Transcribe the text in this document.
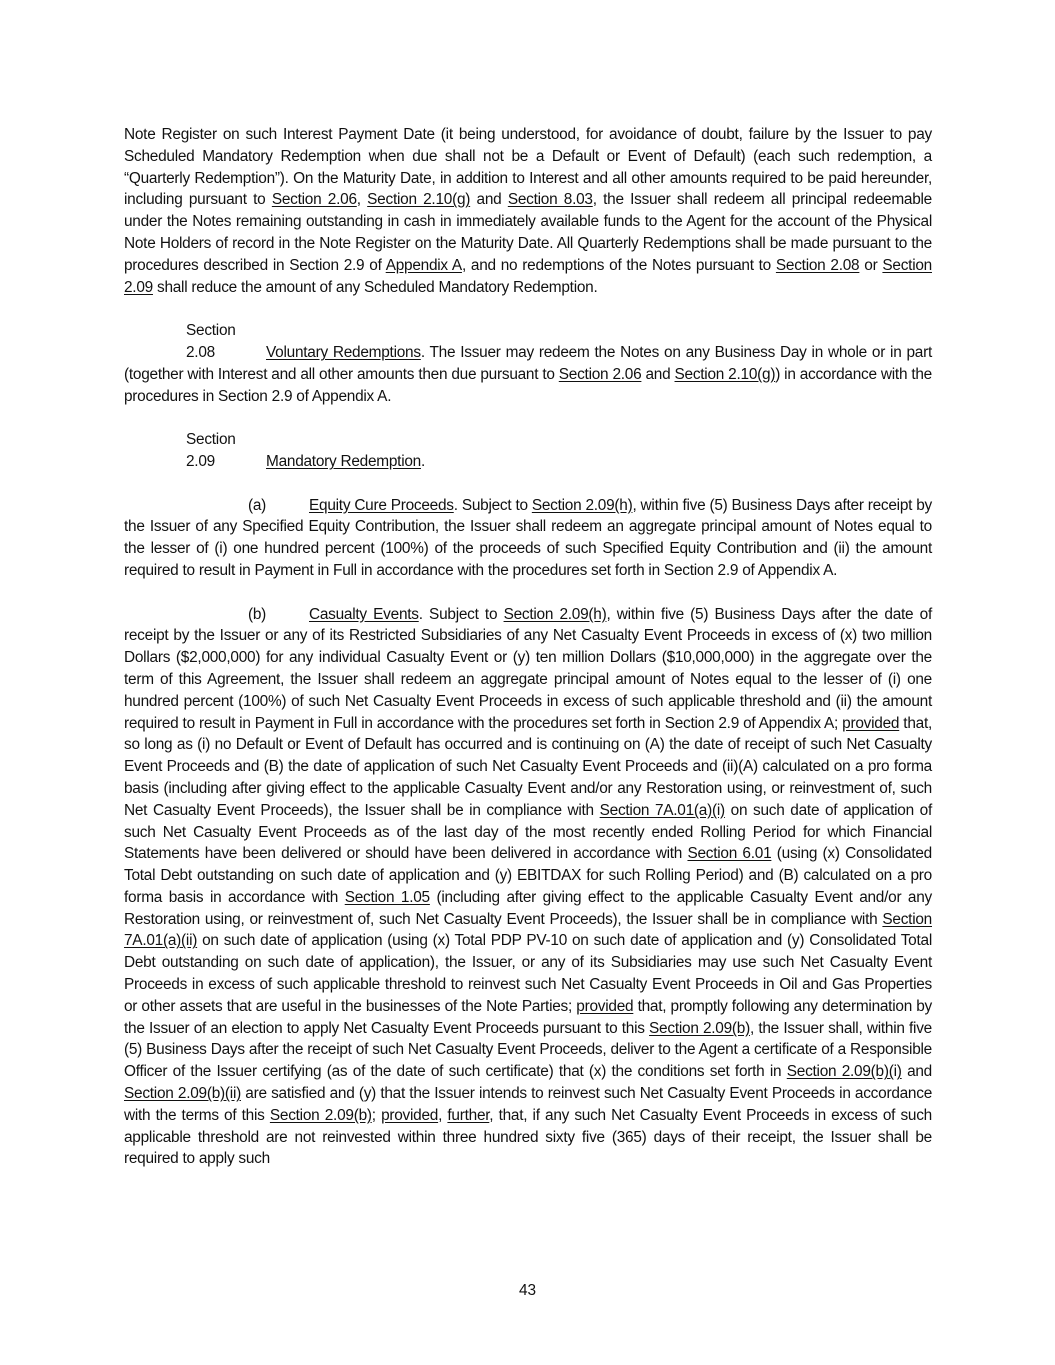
Note Register on such Interest Payment Date (it being understood, for avoidance of doubt, failure by the Issuer to pay Scheduled Mandatory Redemption when due shall not be a Default or Event of Default) (each such redemption, a “Quarterly Redemption”). On the Maturity Date, in addition to Interest and all other amounts required to be paid hereunder, including pursuant to Section 2.06, Section 2.10(g) and Section 8.03, the Issuer shall redeem all principal redeemable under the Notes remaining outstanding in cash in immediately available funds to the Agent for the account of the Physical Note Holders of record in the Note Register on the Maturity Date. All Quarterly Redemptions shall be made pursuant to the procedures described in Section 2.9 of Appendix A, and no redemptions of the Notes pursuant to Section 2.08 or Section 2.09 shall reduce the amount of any Scheduled Mandatory Redemption.

Section 2.08	Voluntary Redemptions. The Issuer may redeem the Notes on any Business Day in whole or in part (together with Interest and all other amounts then due pursuant to Section 2.06 and Section 2.10(g)) in accordance with the procedures in Section 2.9 of Appendix A.

Section 2.09	Mandatory Redemption.

(a)	Equity Cure Proceeds. Subject to Section 2.09(h), within five (5) Business Days after receipt by the Issuer of any Specified Equity Contribution, the Issuer shall redeem an aggregate principal amount of Notes equal to the lesser of (i) one hundred percent (100%) of the proceeds of such Specified Equity Contribution and (ii) the amount required to result in Payment in Full in accordance with the procedures set forth in Section 2.9 of Appendix A.

(b)	Casualty Events. Subject to Section 2.09(h), within five (5) Business Days after the date of receipt by the Issuer or any of its Restricted Subsidiaries of any Net Casualty Event Proceeds in excess of (x) two million Dollars ($2,000,000) for any individual Casualty Event or (y) ten million Dollars ($10,000,000) in the aggregate over the term of this Agreement, the Issuer shall redeem an aggregate principal amount of Notes equal to the lesser of (i) one hundred percent (100%) of such Net Casualty Event Proceeds in excess of such applicable threshold and (ii) the amount required to result in Payment in Full in accordance with the procedures set forth in Section 2.9 of Appendix A; provided that, so long as (i) no Default or Event of Default has occurred and is continuing on (A) the date of receipt of such Net Casualty Event Proceeds and (B) the date of application of such Net Casualty Event Proceeds and (ii)(A) calculated on a pro forma basis (including after giving effect to the applicable Casualty Event and/or any Restoration using, or reinvestment of, such Net Casualty Event Proceeds), the Issuer shall be in compliance with Section 7A.01(a)(i) on such date of application of such Net Casualty Event Proceeds as of the last day of the most recently ended Rolling Period for which Financial Statements have been delivered or should have been delivered in accordance with Section 6.01 (using (x) Consolidated Total Debt outstanding on such date of application and (y) EBITDAX for such Rolling Period) and (B) calculated on a pro forma basis in accordance with Section 1.05 (including after giving effect to the applicable Casualty Event and/or any Restoration using, or reinvestment of, such Net Casualty Event Proceeds), the Issuer shall be in compliance with Section 7A.01(a)(ii) on such date of application (using (x) Total PDP PV-10 on such date of application and (y) Consolidated Total Debt outstanding on such date of application), the Issuer, or any of its Subsidiaries may use such Net Casualty Event Proceeds in excess of such applicable threshold to reinvest such Net Casualty Event Proceeds in Oil and Gas Properties or other assets that are useful in the businesses of the Note Parties; provided that, promptly following any determination by the Issuer of an election to apply Net Casualty Event Proceeds pursuant to this Section 2.09(b), the Issuer shall, within five (5) Business Days after the receipt of such Net Casualty Event Proceeds, deliver to the Agent a certificate of a Responsible Officer of the Issuer certifying (as of the date of such certificate) that (x) the conditions set forth in Section 2.09(b)(i) and Section 2.09(b)(ii) are satisfied and (y) that the Issuer intends to reinvest such Net Casualty Event Proceeds in accordance with the terms of this Section 2.09(b); provided, further, that, if any such Net Casualty Event Proceeds in excess of such applicable threshold are not reinvested within three hundred sixty five (365) days of their receipt, the Issuer shall be required to apply such

43
